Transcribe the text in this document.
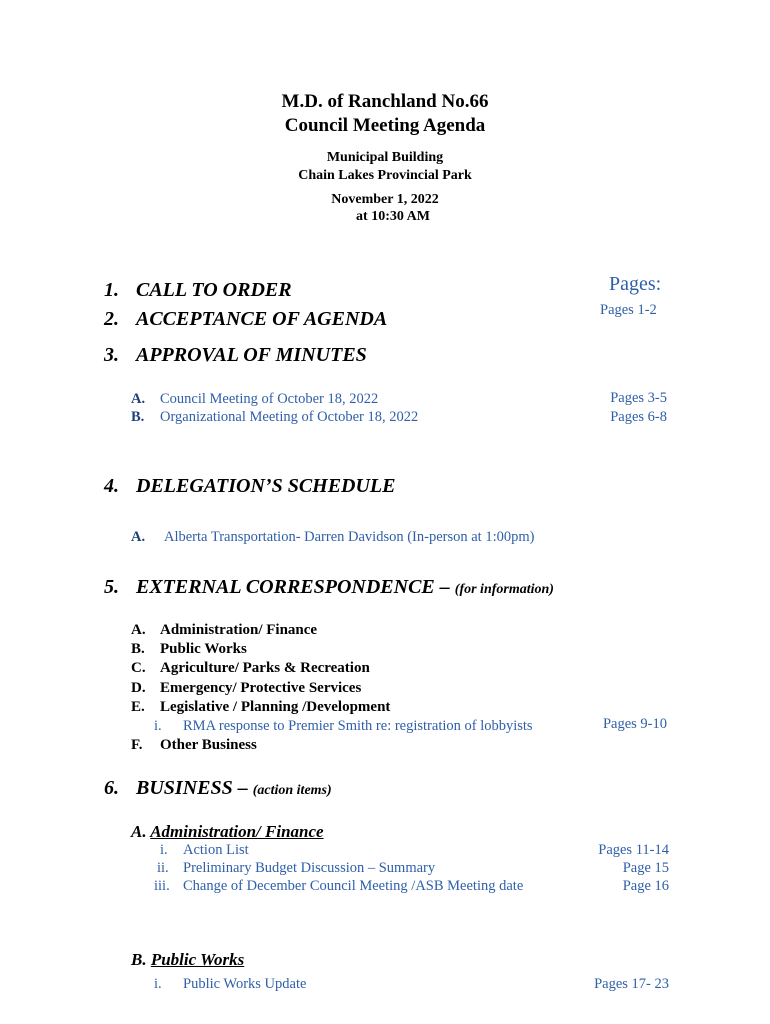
M.D. of Ranchland No.66
Council Meeting Agenda
Municipal Building
Chain Lakes Provincial Park
November 1, 2022
at 10:30 AM
Pages:
1. CALL TO ORDER
2. ACCEPTANCE OF AGENDA	Pages 1-2
3. APPROVAL OF MINUTES
A. Council Meeting of October 18, 2022	Pages 3-5
B. Organizational Meeting of October 18, 2022	Pages 6-8
4. DELEGATION’S SCHEDULE
A. Alberta Transportation- Darren Davidson (In-person at 1:00pm)
5. EXTERNAL CORRESPONDENCE – (for information)
A. Administration/ Finance
B. Public Works
C. Agriculture/ Parks & Recreation
D. Emergency/ Protective Services
E. Legislative / Planning /Development
i. RMA response to Premier Smith re: registration of lobbyists	Pages 9-10
F. Other Business
6. BUSINESS – (action items)
A. Administration/ Finance
i. Action List	Pages 11-14
ii. Preliminary Budget Discussion – Summary	Page 15
iii. Change of December Council Meeting /ASB Meeting date	Page 16
B. Public Works
i. Public Works Update	Pages 17- 23
